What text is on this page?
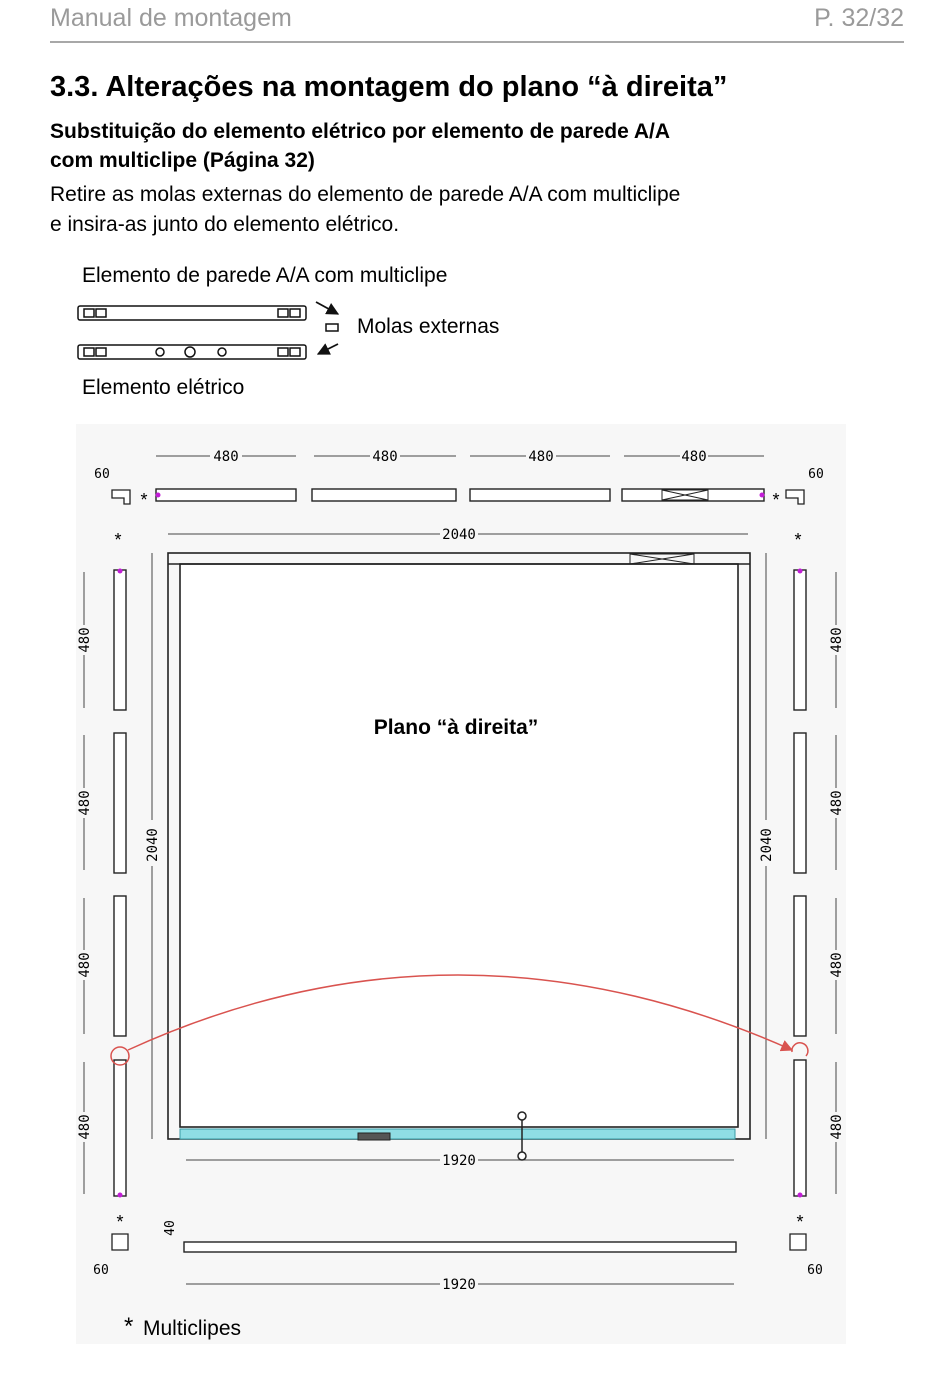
Manual de montagem	P. 32/32
3.3. Alterações na montagem do plano “à direita”
Substituição do elemento elétrico por elemento de parede A/A
com multiclipe (Página 32)
Retire as molas externas do elemento de parede A/A com multiclipe
e insira-as junto do elemento elétrico.
Elemento de parede A/A com multiclipe
Molas externas
Elemento elétrico
480	480	480	480
2040
60	60
*	*
*	*
2040	2040
1920
480
480
480
480
480
480
480
480
Plano “à direita”
*	*
60	60
40
1920
* Multiclipes
